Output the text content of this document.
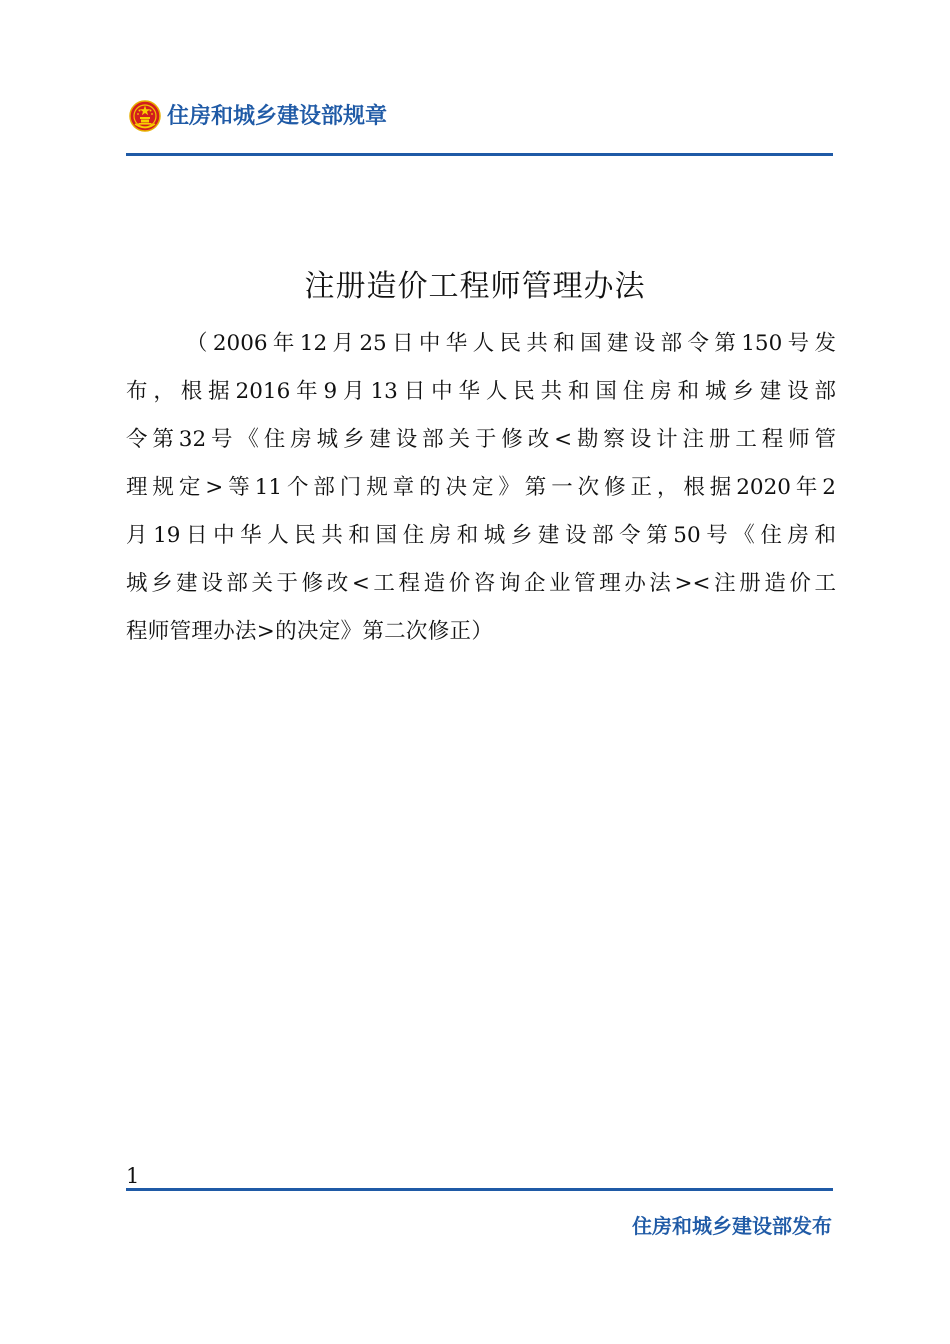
住房和城乡建设部规章
注册造价工程师管理办法
（2006年12月25日中华人民共和国建设部令第150号发
布，根据2016年9月13日中华人民共和国住房和城乡建设部
令第32号《住房城乡建设部关于修改<勘察设计注册工程师管
理规定>等11个部门规章的决定》第一次修正，根据2020年2
月19日中华人民共和国住房和城乡建设部令第50号《住房和
城乡建设部关于修改<工程造价咨询企业管理办法><注册造价工
程师管理办法>的决定》第二次修正）
1
住房和城乡建设部发布
